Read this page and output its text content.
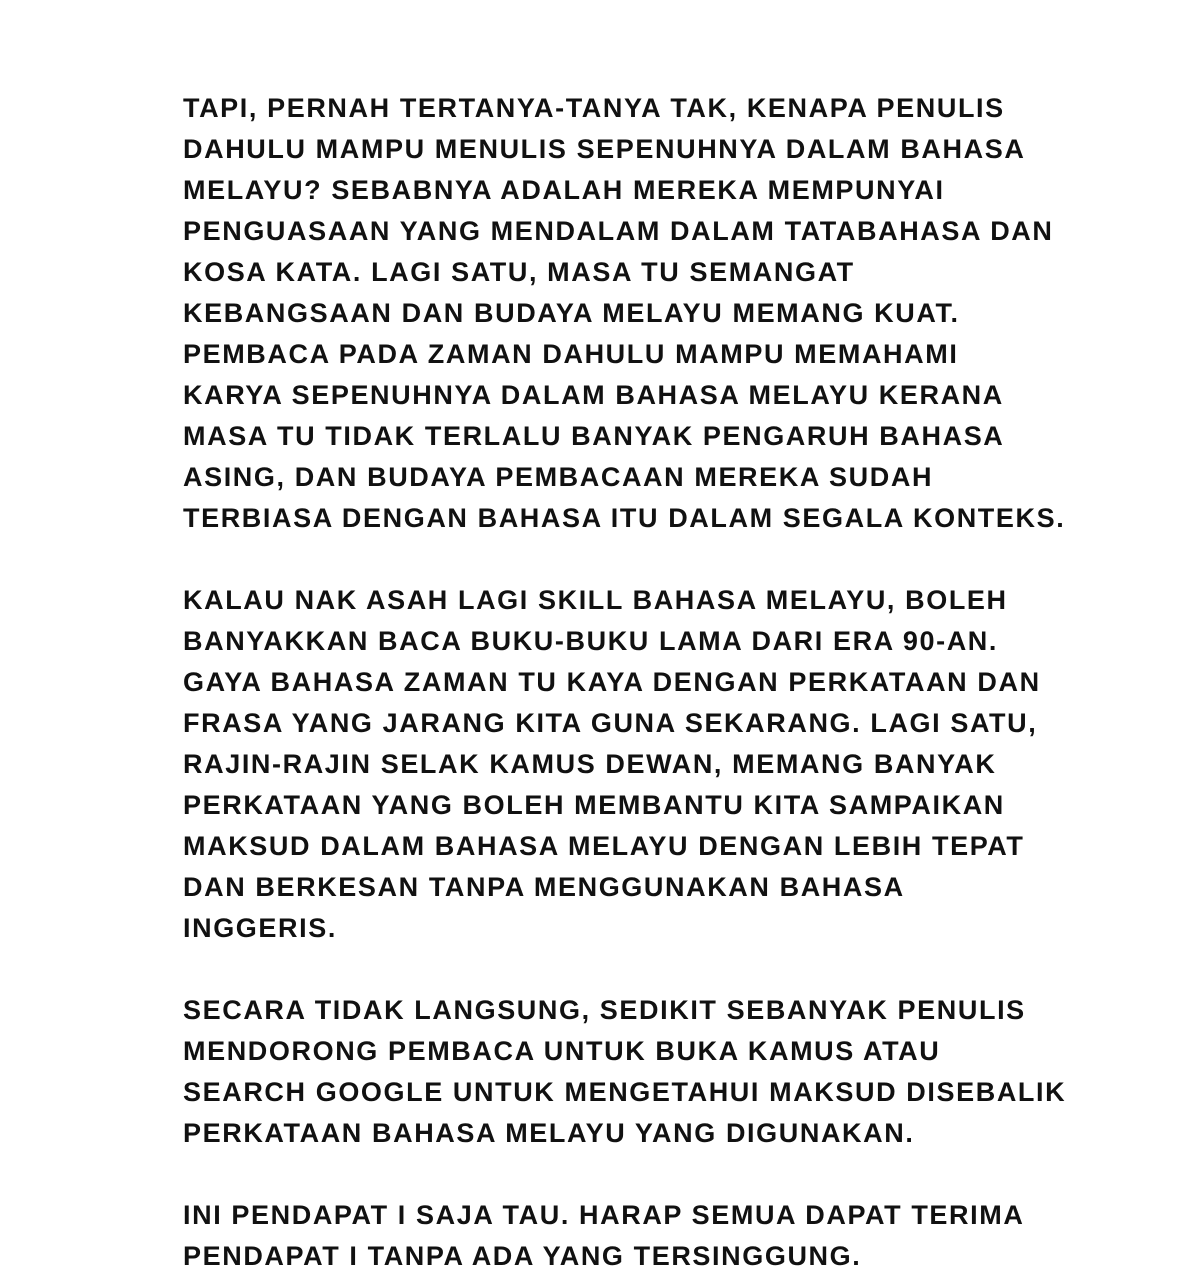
TAPI, PERNAH TERTANYA-TANYA TAK, KENAPA PENULIS
DAHULU MAMPU MENULIS SEPENUHNYA DALAM BAHASA
MELAYU? SEBABNYA ADALAH MEREKA MEMPUNYAI
PENGUASAAN YANG MENDALAM DALAM TATABAHASA DAN
KOSA KATA. LAGI SATU, MASA TU SEMANGAT
KEBANGSAAN DAN BUDAYA MELAYU MEMANG KUAT.
PEMBACA PADA ZAMAN DAHULU MAMPU MEMAHAMI
KARYA SEPENUHNYA DALAM BAHASA MELAYU KERANA
MASA TU TIDAK TERLALU BANYAK PENGARUH BAHASA
ASING, DAN BUDAYA PEMBACAAN MEREKA SUDAH
TERBIASA DENGAN BAHASA ITU DALAM SEGALA KONTEKS.

KALAU NAK ASAH LAGI SKILL BAHASA MELAYU, BOLEH
BANYAKKAN BACA BUKU-BUKU LAMA DARI ERA 90-AN.
GAYA BAHASA ZAMAN TU KAYA DENGAN PERKATAAN DAN
FRASA YANG JARANG KITA GUNA SEKARANG. LAGI SATU,
RAJIN-RAJIN SELAK KAMUS DEWAN, MEMANG BANYAK
PERKATAAN YANG BOLEH MEMBANTU KITA SAMPAIKAN
MAKSUD DALAM BAHASA MELAYU DENGAN LEBIH TEPAT
DAN BERKESAN TANPA MENGGUNAKAN BAHASA
INGGERIS.

SECARA TIDAK LANGSUNG, SEDIKIT SEBANYAK PENULIS
MENDORONG PEMBACA UNTUK BUKA KAMUS ATAU
SEARCH GOOGLE UNTUK MENGETAHUI MAKSUD DISEBALIK
PERKATAAN BAHASA MELAYU YANG DIGUNAKAN.

INI PENDAPAT I SAJA TAU. HARAP SEMUA DAPAT TERIMA
PENDAPAT I TANPA ADA YANG TERSINGGUNG.
